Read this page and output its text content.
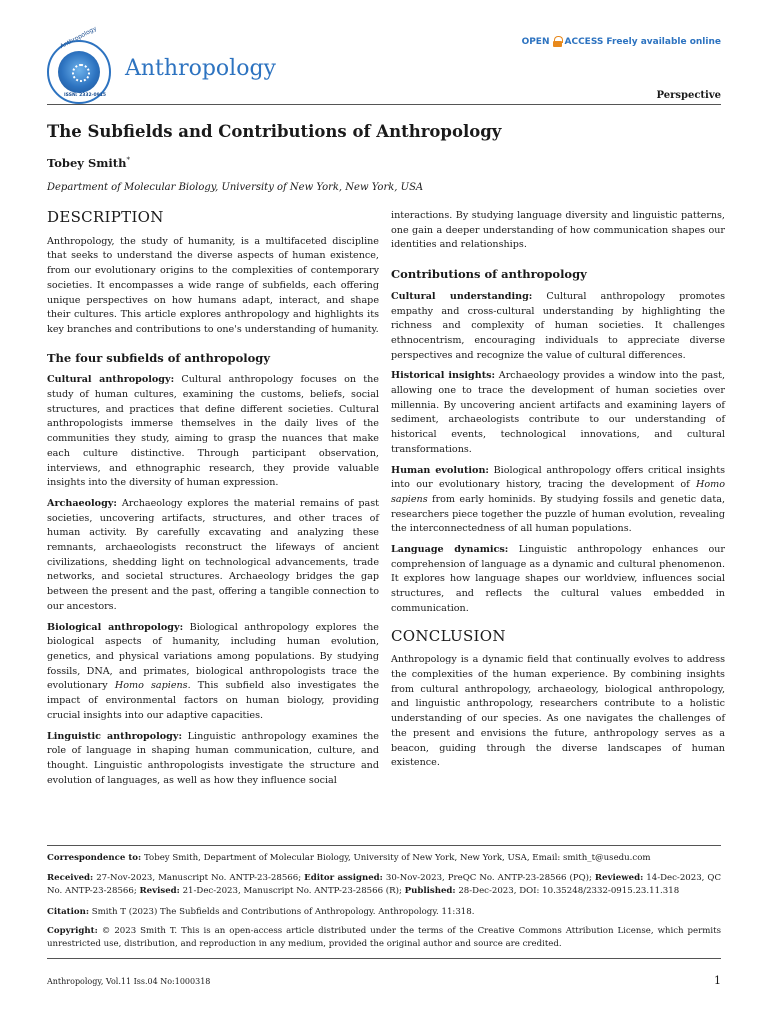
Anthropology
ISSN: 2332-0915
Anthropology
OPEN ACCESS Freely available online
Perspective
The Subfields and Contributions of Anthropology
Tobey Smith*
Department of Molecular Biology, University of New York, New York, USA
DESCRIPTION

Anthropology, the study of humanity, is a multifaceted discipline that seeks to understand the diverse aspects of human existence, from our evolutionary origins to the complexities of contemporary societies. It encompasses a wide range of subfields, each offering unique perspectives on how humans adapt, interact, and shape their cultures. This article explores anthropology and highlights its key branches and contributions to one's understanding of humanity.

The four subfields of anthropology

Cultural anthropology: Cultural anthropology focuses on the study of human cultures, examining the customs, beliefs, social structures, and practices that define different societies. Cultural anthropologists immerse themselves in the daily lives of the communities they study, aiming to grasp the nuances that make each culture distinctive. Through participant observation, interviews, and ethnographic research, they provide valuable insights into the diversity of human expression.

Archaeology: Archaeology explores the material remains of past societies, uncovering artifacts, structures, and other traces of human activity. By carefully excavating and analyzing these remnants, archaeologists reconstruct the lifeways of ancient civilizations, shedding light on technological advancements, trade networks, and societal structures. Archaeology bridges the gap between the present and the past, offering a tangible connection to our ancestors.

Biological anthropology: Biological anthropology explores the biological aspects of humanity, including human evolution, genetics, and physical variations among populations. By studying fossils, DNA, and primates, biological anthropologists trace the evolutionary Homo sapiens. This subfield also investigates the impact of environmental factors on human biology, providing crucial insights into our adaptive capacities.

Linguistic anthropology: Linguistic anthropology examines the role of language in shaping human communication, culture, and thought. Linguistic anthropologists investigate the structure and evolution of languages, as well as how they influence social

interactions. By studying language diversity and linguistic patterns, one gain a deeper understanding of how communication shapes our identities and relationships.

Contributions of anthropology

Cultural understanding: Cultural anthropology promotes empathy and cross-cultural understanding by highlighting the richness and complexity of human societies. It challenges ethnocentrism, encouraging individuals to appreciate diverse perspectives and recognize the value of cultural differences.

Historical insights: Archaeology provides a window into the past, allowing one to trace the development of human societies over millennia. By uncovering ancient artifacts and examining layers of sediment, archaeologists contribute to our understanding of historical events, technological innovations, and cultural transformations.

Human evolution: Biological anthropology offers critical insights into our evolutionary history, tracing the development of Homo sapiens from early hominids. By studying fossils and genetic data, researchers piece together the puzzle of human evolution, revealing the interconnectedness of all human populations.

Language dynamics: Linguistic anthropology enhances our comprehension of language as a dynamic and cultural phenomenon. It explores how language shapes our worldview, influences social structures, and reflects the cultural values embedded in communication.

CONCLUSION

Anthropology is a dynamic field that continually evolves to address the complexities of the human experience. By combining insights from cultural anthropology, archaeology, biological anthropology, and linguistic anthropology, researchers contribute to a holistic understanding of our species. As one navigates the challenges of the present and envisions the future, anthropology serves as a beacon, guiding through the diverse landscapes of human existence.

Correspondence to: Tobey Smith, Department of Molecular Biology, University of New York, New York, USA, Email: smith_t@usedu.com
Received: 27-Nov-2023, Manuscript No. ANTP-23-28566; Editor assigned: 30-Nov-2023, PreQC No. ANTP-23-28566 (PQ); Reviewed: 14-Dec-2023, QC No. ANTP-23-28566; Revised: 21-Dec-2023, Manuscript No. ANTP-23-28566 (R); Published: 28-Dec-2023, DOI: 10.35248/2332-0915.23.11.318
Citation: Smith T (2023) The Subfields and Contributions of Anthropology. Anthropology. 11:318.
Copyright: © 2023 Smith T. This is an open-access article distributed under the terms of the Creative Commons Attribution License, which permits unrestricted use, distribution, and reproduction in any medium, provided the original author and source are credited.
Anthropology, Vol.11 Iss.04 No:1000318	1
